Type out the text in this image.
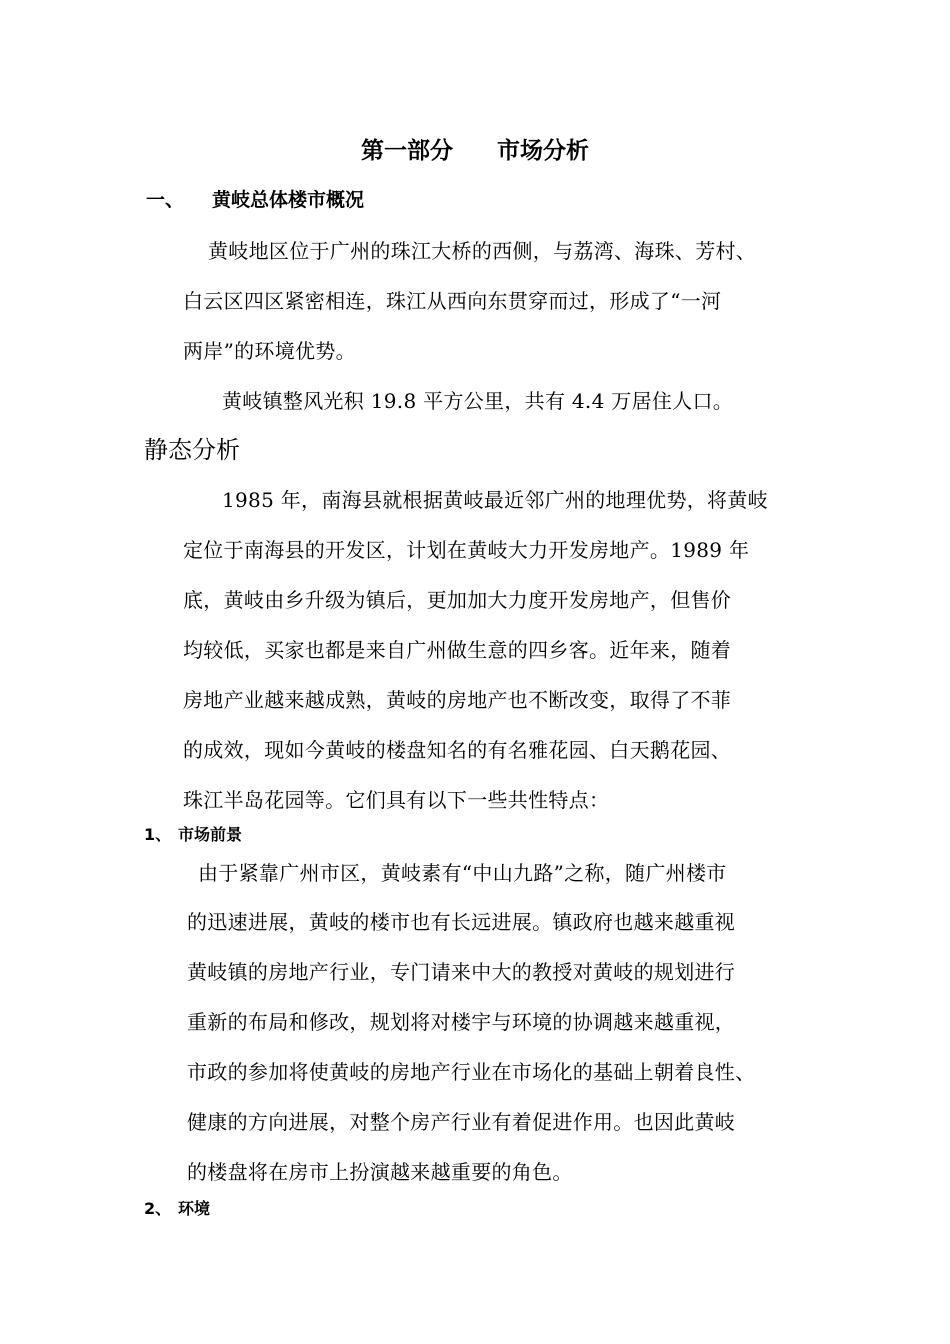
第一部分 市场分析
一、 黄岐总体楼市概况
黄岐地区位于广州的珠江大桥的西侧，与荔湾、海珠、芳村、
白云区四区紧密相连，珠江从西向东贯穿而过，形成了“一河
两岸”的环境优势。
黄岐镇整风光积 19.8 平方公里，共有 4.4 万居住人口。
静态分析
1985 年，南海县就根据黄岐最近邻广州的地理优势，将黄岐
定位于南海县的开发区，计划在黄岐大力开发房地产。1989 年
底，黄岐由乡升级为镇后，更加加大力度开发房地产，但售价
均较低，买家也都是来自广州做生意的四乡客。近年来，随着
房地产业越来越成熟，黄岐的房地产也不断改变，取得了不菲
的成效，现如今黄岐的楼盘知名的有名雅花园、白天鹅花园、
珠江半岛花园等。它们具有以下一些共性特点：
1、 市场前景
由于紧靠广州市区，黄岐素有“中山九路”之称，随广州楼市
的迅速进展，黄岐的楼市也有长远进展。镇政府也越来越重视
黄岐镇的房地产行业，专门请来中大的教授对黄岐的规划进行
重新的布局和修改，规划将对楼宇与环境的协调越来越重视，
市政的参加将使黄岐的房地产行业在市场化的基础上朝着良性、
健康的方向进展，对整个房产行业有着促进作用。也因此黄岐
的楼盘将在房市上扮演越来越重要的角色。
2、 环境
